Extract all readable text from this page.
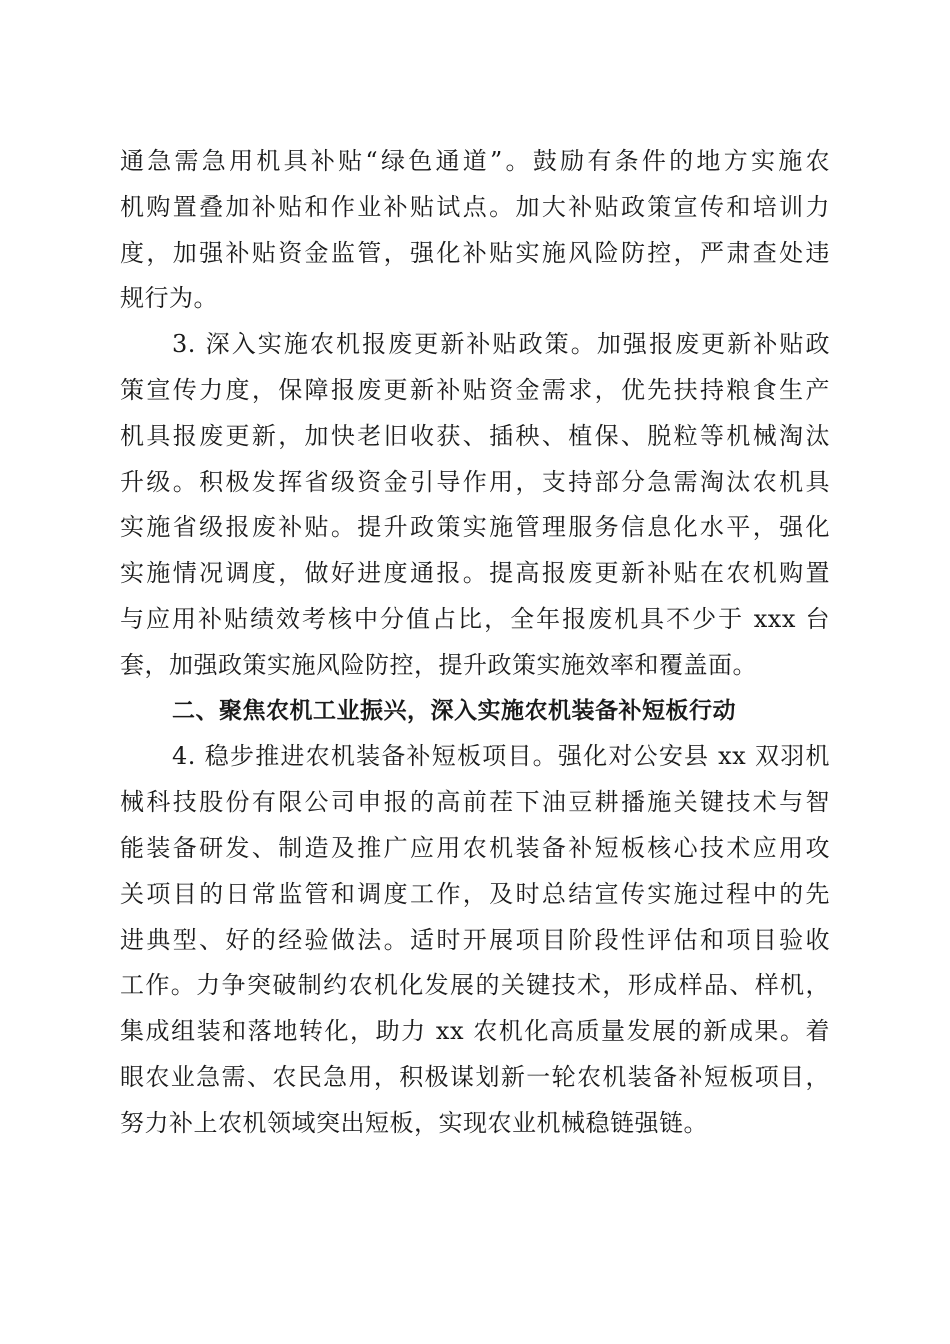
通急需急用机具补贴“绿色通道”。鼓励有条件的地方实施农
机购置叠加补贴和作业补贴试点。加大补贴政策宣传和培训力
度，加强补贴资金监管，强化补贴实施风险防控，严肃查处违
规行为。
3. 深入实施农机报废更新补贴政策。加强报废更新补贴政
策宣传力度，保障报废更新补贴资金需求，优先扶持粮食生产
机具报废更新，加快老旧收获、插秧、植保、脱粒等机械淘汰
升级。积极发挥省级资金引导作用，支持部分急需淘汰农机具
实施省级报废补贴。提升政策实施管理服务信息化水平，强化
实施情况调度，做好进度通报。提高报废更新补贴在农机购置
与应用补贴绩效考核中分值占比，全年报废机具不少于 xxx 台
套，加强政策实施风险防控，提升政策实施效率和覆盖面。
二、聚焦农机工业振兴，深入实施农机装备补短板行动
4. 稳步推进农机装备补短板项目。强化对公安县 xx 双羽机
械科技股份有限公司申报的高前茬下油豆耕播施关键技术与智
能装备研发、制造及推广应用农机装备补短板核心技术应用攻
关项目的日常监管和调度工作，及时总结宣传实施过程中的先
进典型、好的经验做法。适时开展项目阶段性评估和项目验收
工作。力争突破制约农机化发展的关键技术，形成样品、样机，
集成组装和落地转化，助力 xx 农机化高质量发展的新成果。着
眼农业急需、农民急用，积极谋划新一轮农机装备补短板项目，
努力补上农机领域突出短板，实现农业机械稳链强链。
